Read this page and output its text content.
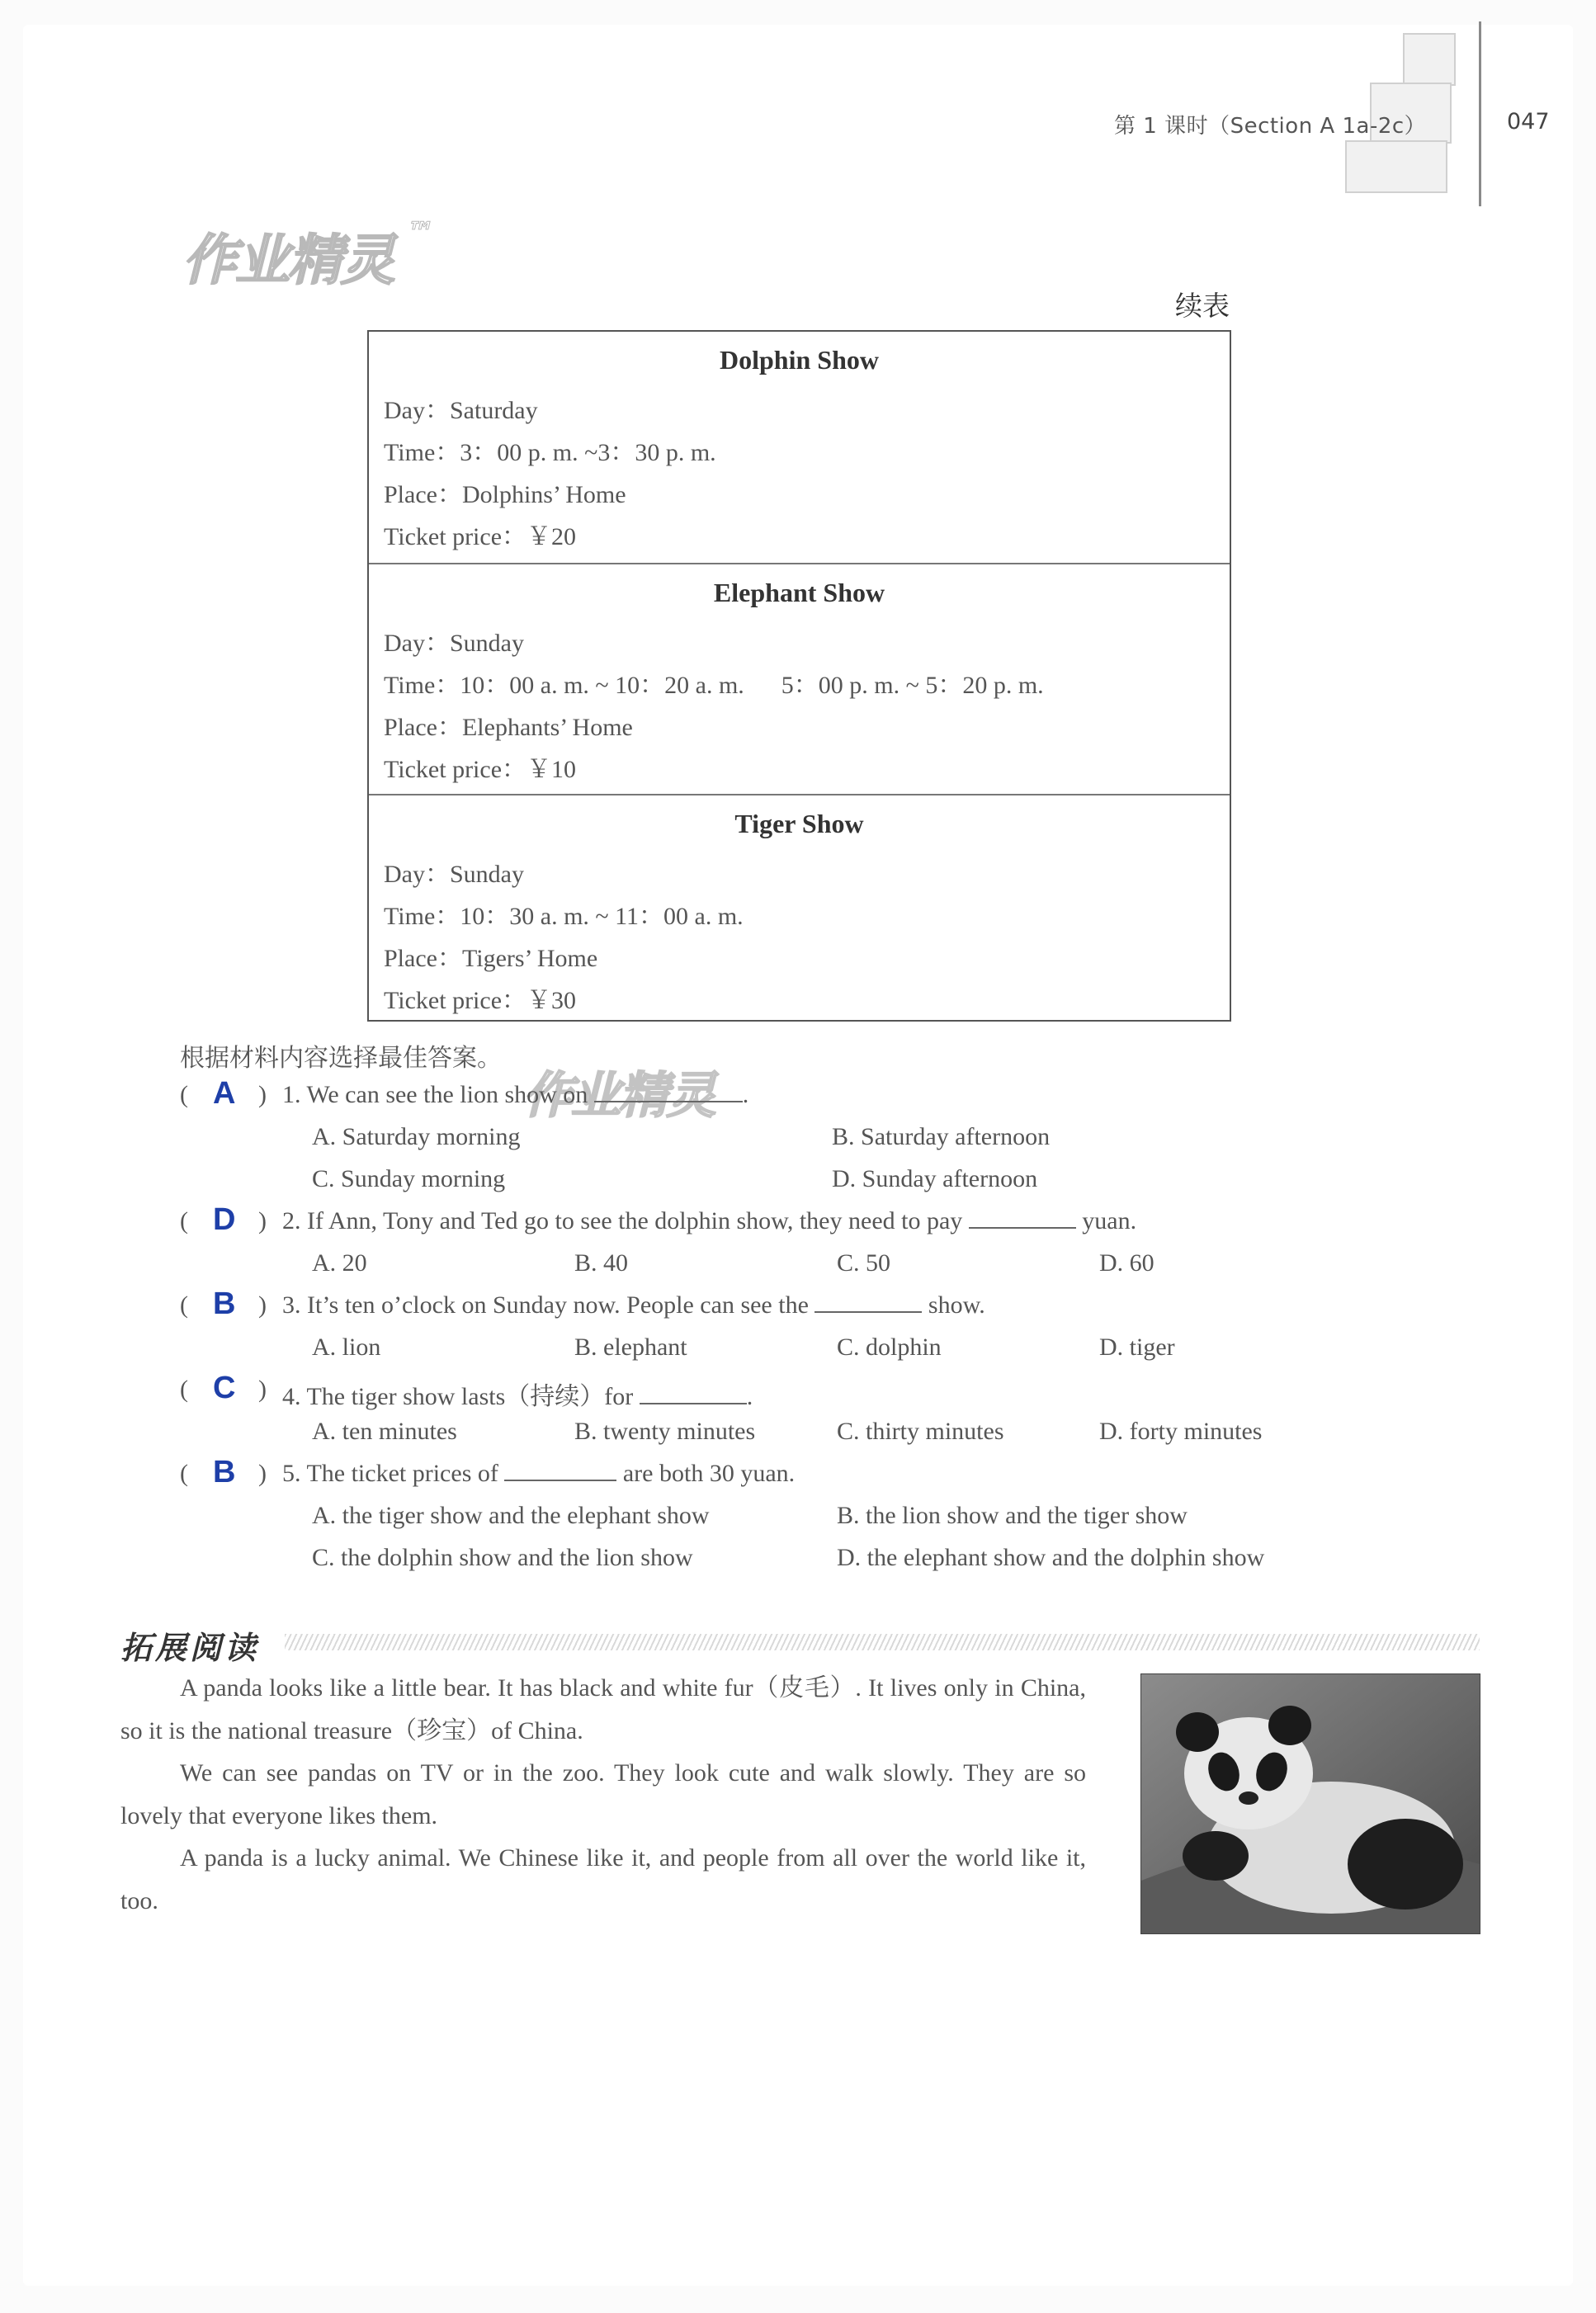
第 1 课时（Section A 1a-2c）	047
作业精灵™
作业精灵
续表
Dolphin Show
Day：Saturday
Time：3：00 p. m. ~3：30 p. m.
Place：Dolphins’ Home
Ticket price：￥20
Elephant Show
Day：Sunday
Time：10：00 a. m. ~ 10：20 a. m.      5：00 p. m. ~ 5：20 p. m.
Place：Elephants’ Home
Ticket price：￥10
Tiger Show
Day：Sunday
Time：10：30 a. m. ~ 11：00 a. m.
Place：Tigers’ Home
Ticket price：￥30
根据材料内容选择最佳答案。
( A ) 1. We can see the lion show on	.
A. Saturday morning	B. Saturday afternoon
C. Sunday morning	D. Sunday afternoon
( D ) 2. If Ann, Tony and Ted go to see the dolphin show, they need to pay	yuan.
A. 20	B. 40	C. 50	D. 60
( B ) 3. It’s ten o’clock on Sunday now. People can see the	show.
A. lion	B. elephant	C. dolphin	D. tiger
( C ) 4. The tiger show lasts（持续）for	.
A. ten minutes	B. twenty minutes	C. thirty minutes	D. forty minutes
( B ) 5. The ticket prices of	are both 30 yuan.
A. the tiger show and the elephant show	B. the lion show and the tiger show
C. the dolphin show and the lion show	D. the elephant show and the dolphin show
拓展阅读
A panda looks like a little bear. It has black and white fur（皮毛）. It lives only in China, so it is the national treasure（珍宝）of China.
We can see pandas on TV or in the zoo. They look cute and walk slowly. They are so lovely that everyone likes them.
A panda is a lucky animal. We Chinese like it, and people from all over the world like it, too.
